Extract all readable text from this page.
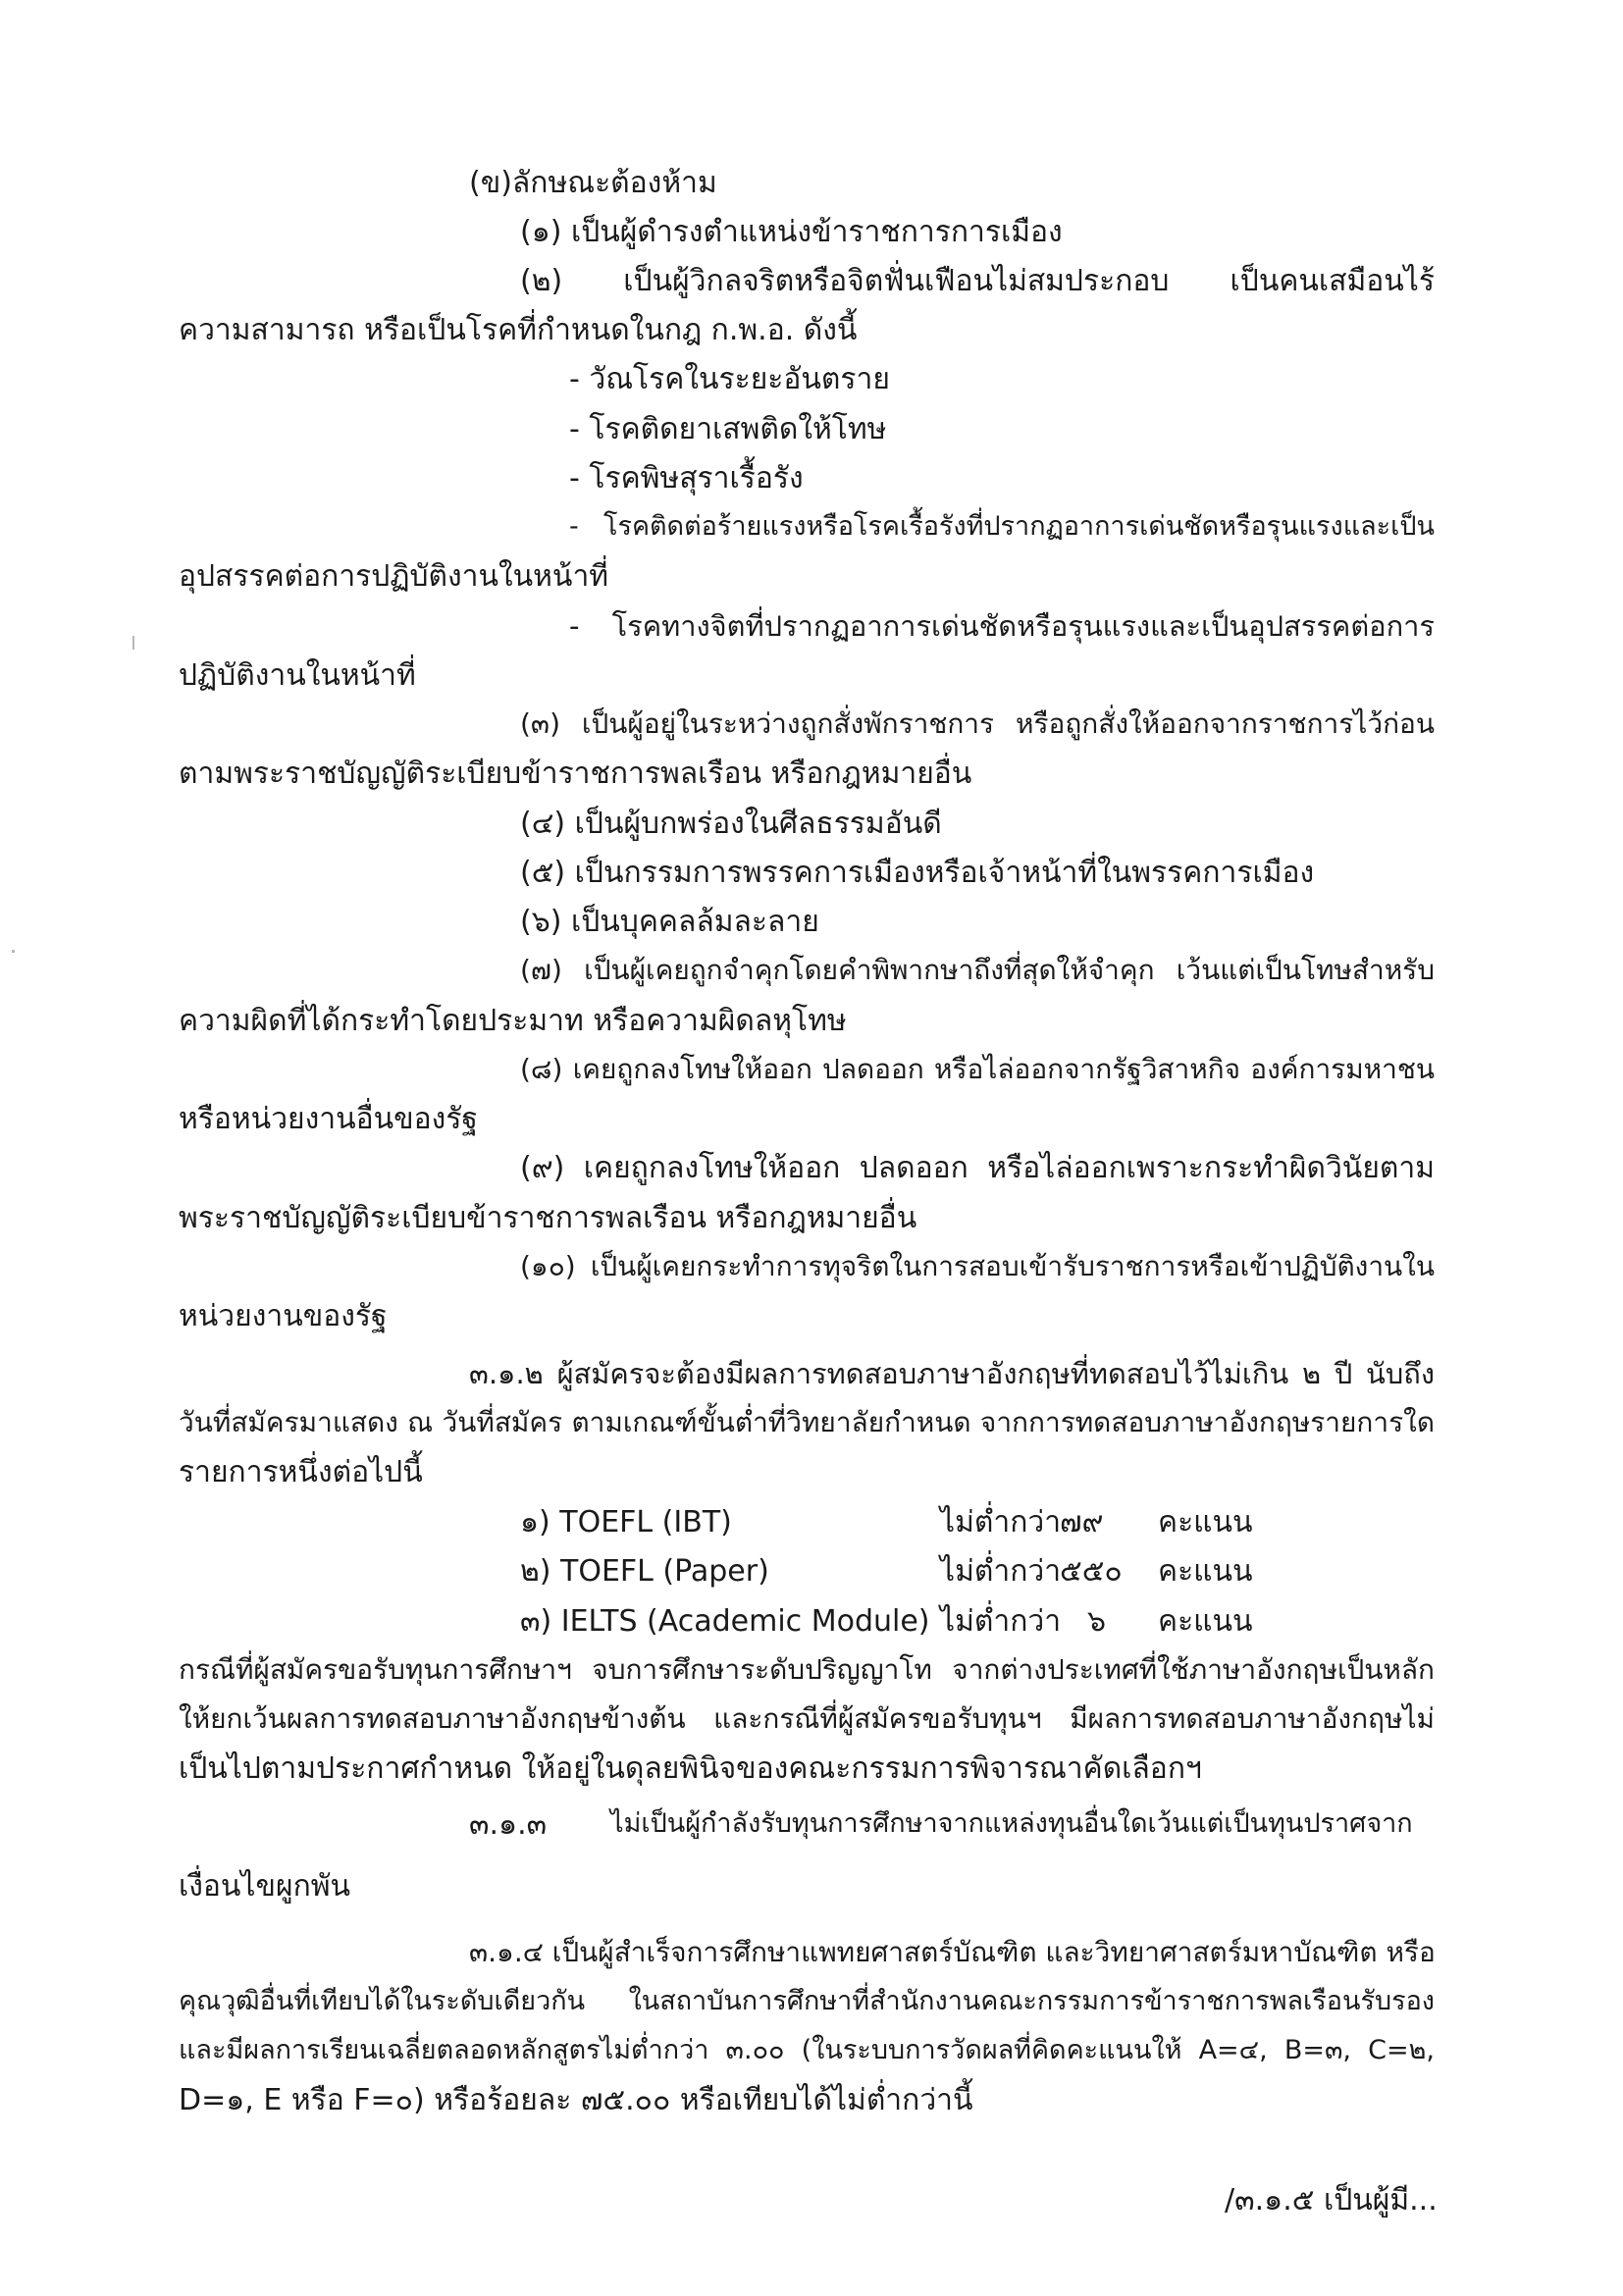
(ข)ลักษณะต้องห้าม
(๑) เป็นผู้ดำรงตำแหน่งข้าราชการการเมือง
(๒) เป็นผู้วิกลจริตหรือจิตฟั่นเฟือนไม่สมประกอบ เป็นคนเสมือนไร้
ความสามารถ หรือเป็นโรคที่กำหนดในกฎ ก.พ.อ. ดังนี้
- วัณโรคในระยะอันตราย
- โรคติดยาเสพติดให้โทษ
- โรคพิษสุราเรื้อรัง
- โรคติดต่อร้ายแรงหรือโรคเรื้อรังที่ปรากฏอาการเด่นชัดหรือรุนแรงและเป็น
อุปสรรคต่อการปฏิบัติงานในหน้าที่
- โรคทางจิตที่ปรากฏอาการเด่นชัดหรือรุนแรงและเป็นอุปสรรคต่อการ
ปฏิบัติงานในหน้าที่
(๓) เป็นผู้อยู่ในระหว่างถูกสั่งพักราชการ หรือถูกสั่งให้ออกจากราชการไว้ก่อน
ตามพระราชบัญญัติระเบียบข้าราชการพลเรือน หรือกฎหมายอื่น
(๔) เป็นผู้บกพร่องในศีลธรรมอันดี
(๕) เป็นกรรมการพรรคการเมืองหรือเจ้าหน้าที่ในพรรคการเมือง
(๖) เป็นบุคคลล้มละลาย
(๗) เป็นผู้เคยถูกจำคุกโดยคำพิพากษาถึงที่สุดให้จำคุก เว้นแต่เป็นโทษสำหรับ
ความผิดที่ได้กระทำโดยประมาท หรือความผิดลหุโทษ
(๘) เคยถูกลงโทษให้ออก ปลดออก หรือไล่ออกจากรัฐวิสาหกิจ องค์การมหาชน
หรือหน่วยงานอื่นของรัฐ
(๙) เคยถูกลงโทษให้ออก ปลดออก หรือไล่ออกเพราะกระทำผิดวินัยตาม
พระราชบัญญัติระเบียบข้าราชการพลเรือน หรือกฎหมายอื่น
(๑๐) เป็นผู้เคยกระทำการทุจริตในการสอบเข้ารับราชการหรือเข้าปฏิบัติงานใน
หน่วยงานของรัฐ
๓.๑.๒ ผู้สมัครจะต้องมีผลการทดสอบภาษาอังกฤษที่ทดสอบไว้ไม่เกิน ๒ ปี นับถึง
วันที่สมัครมาแสดง ณ วันที่สมัคร ตามเกณฑ์ขั้นต่ำที่วิทยาลัยกำหนด จากการทดสอบภาษาอังกฤษรายการใด
รายการหนึ่งต่อไปนี้
๑) TOEFL (IBT)	ไม่ต่ำกว่า
๗๙ คะแนน
๒) TOEFL (Paper)	ไม่ต่ำกว่า
๕๕๐ คะแนน
๓) IELTS (Academic Module) ไม่ต่ำกว่า ๖ คะแนน
กรณีที่ผู้สมัครขอรับทุนการศึกษาฯ จบการศึกษาระดับปริญญาโท จากต่างประเทศที่ใช้ภาษาอังกฤษเป็นหลัก
ให้ยกเว้นผลการทดสอบภาษาอังกฤษข้างต้น และกรณีที่ผู้สมัครขอรับทุนฯ มีผลการทดสอบภาษาอังกฤษไม่
เป็นไปตามประกาศกำหนด ให้อยู่ในดุลยพินิจของคณะกรรมการพิจารณาคัดเลือกฯ
๓.๑.๓ ไม่เป็นผู้กำลังรับทุนการศึกษาจากแหล่งทุนอื่นใดเว้นแต่เป็นทุนปราศจาก
เงื่อนไขผูกพัน
๓.๑.๔ เป็นผู้สำเร็จการศึกษาแพทยศาสตร์บัณฑิต และวิทยาศาสตร์มหาบัณฑิต หรือ
คุณวุฒิอื่นที่เทียบได้ในระดับเดียวกัน ในสถาบันการศึกษาที่สำนักงานคณะกรรมการข้าราชการพลเรือนรับรอง
และมีผลการเรียนเฉลี่ยตลอดหลักสูตรไม่ต่ำกว่า ๓.๐๐ (ในระบบการวัดผลที่คิดคะแนนให้ A=๔, B=๓, C=๒,
D=๑, E หรือ F=๐) หรือร้อยละ ๗๕.๐๐ หรือเทียบได้ไม่ต่ำกว่านี้
/๓.๑.๕ เป็นผู้มี...
